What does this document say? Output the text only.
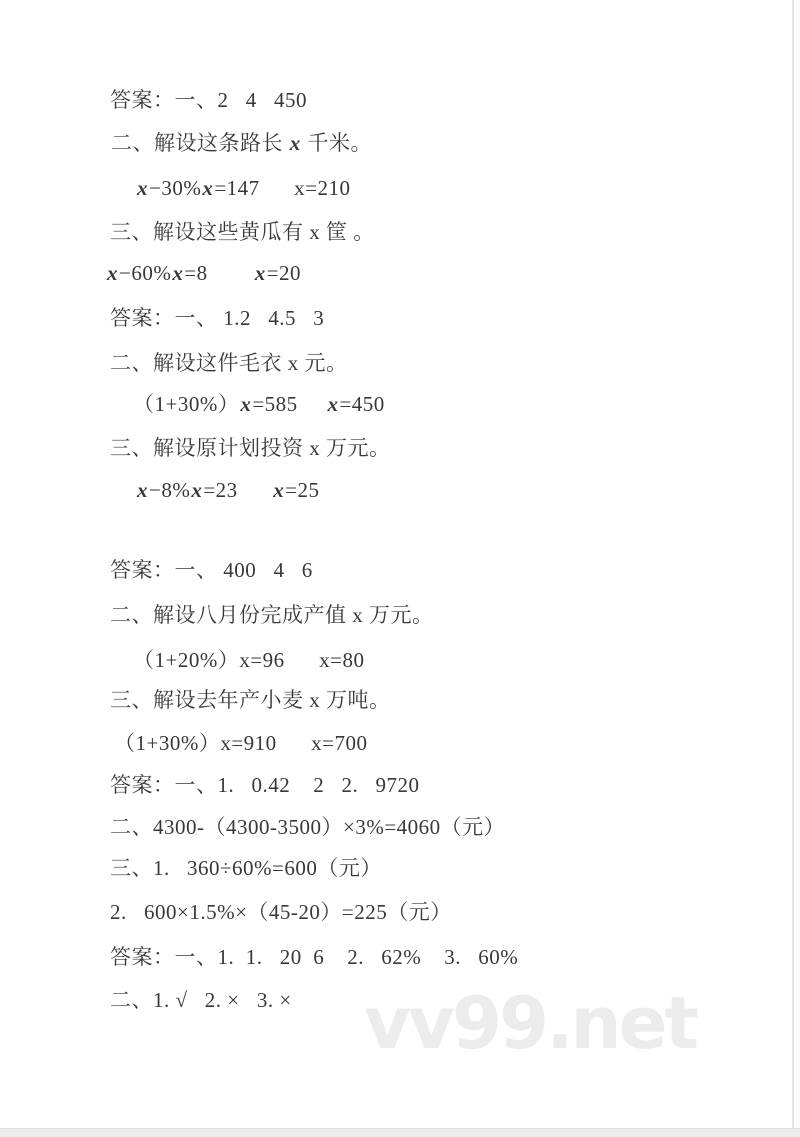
答案：一、2   4   450
二、解设这条路长 x 千米。
x−30%x=147      x=210
三、解设这些黄瓜有 x 筐 。
x−60%x=8        x=20
答案：一、 1.2   4.5   3
二、解设这件毛衣 x 元。
（1+30%）x=585     x=450
三、解设原计划投资 x 万元。
x−8%x=23      x=25
答案：一、 400   4   6
二、解设八月份完成产值 x 万元。
（1+20%）x=96      x=80
三、解设去年产小麦 x 万吨。
（1+30%）x=910      x=700
答案：一、1.   0.42    2   2.   9720
二、4300-（4300-3500）×3%=4060（元）
三、1.   360÷60%=600（元）
2.   600×1.5%×（45-20）=225（元）
答案：一、1.  1.   20  6    2.   62%    3.   60%
二、1. √   2. ×   3. × vv99.net
